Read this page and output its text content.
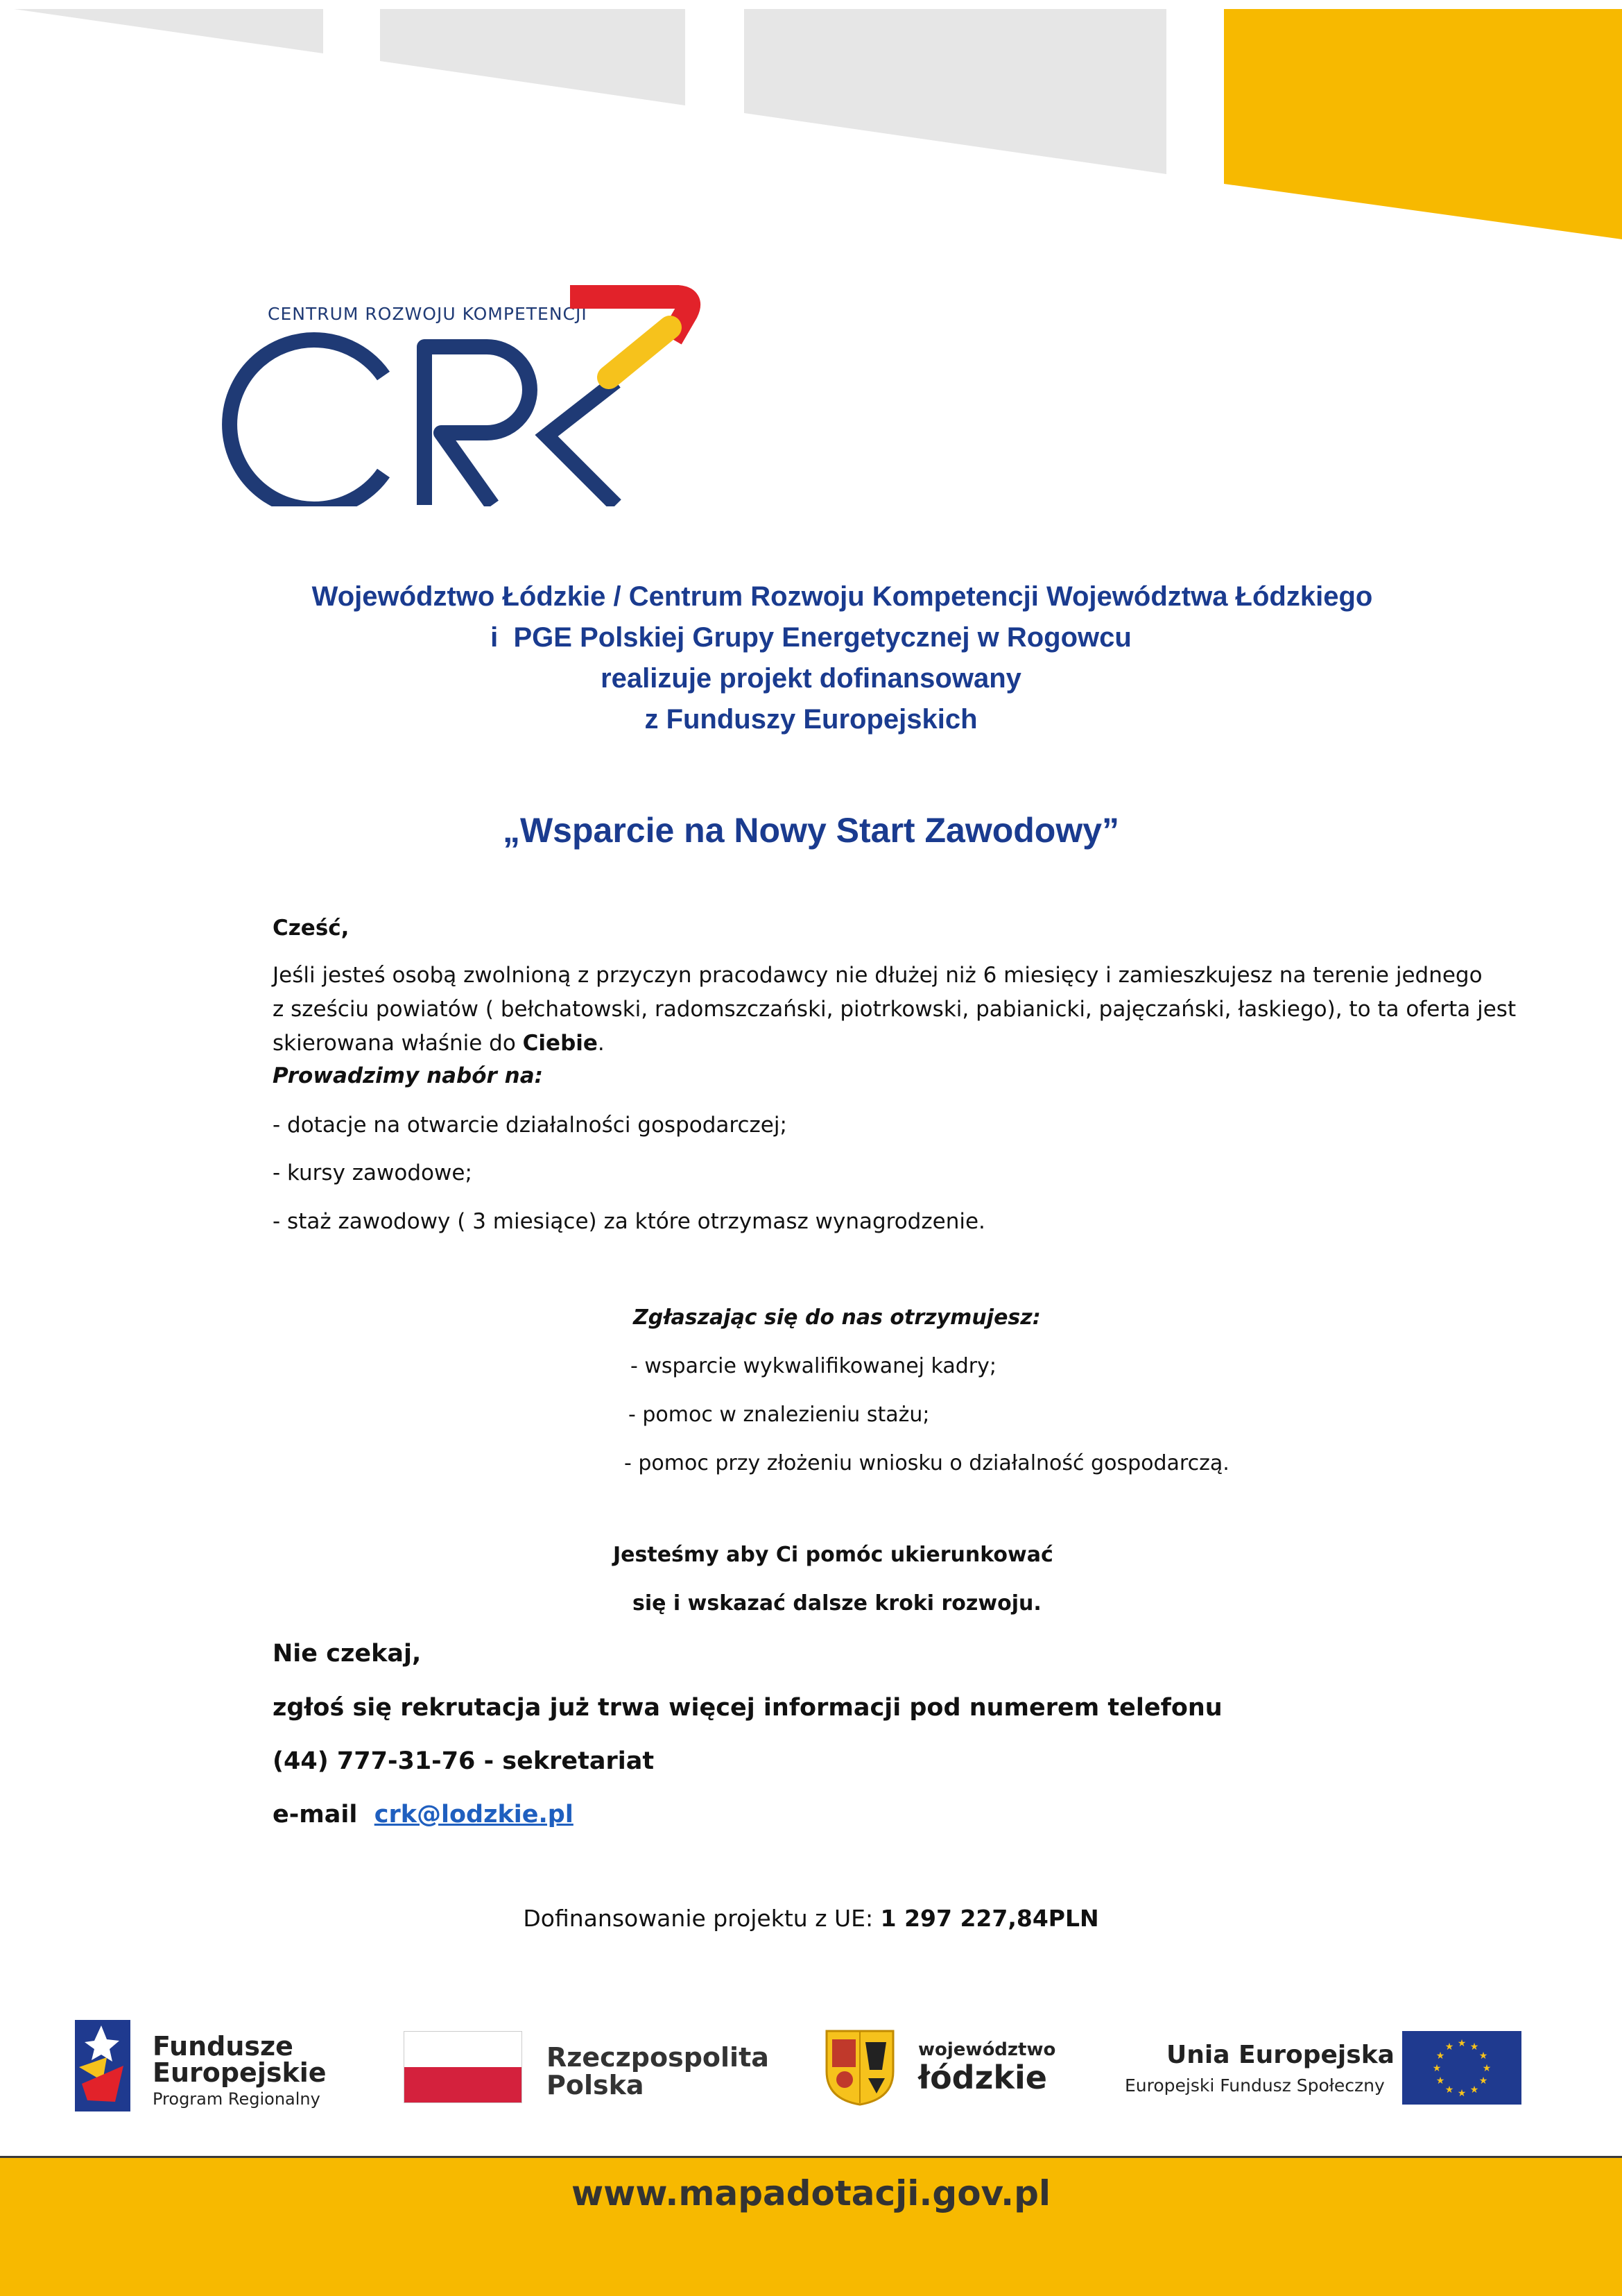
CENTRUM ROZWOJU KOMPETENCJI
Województwo Łódzkie / Centrum Rozwoju Kompetencji Województwa Łódzkiego
i  PGE Polskiej Grupy Energetycznej w Rogowcu
realizuje projekt dofinansowany
z Funduszy Europejskich
„Wsparcie na Nowy Start Zawodowy”
Cześć,
Jeśli jesteś osobą zwolnioną z przyczyn pracodawcy nie dłużej niż 6 miesięcy i zamieszkujesz na terenie jednego
z sześciu powiatów ( bełchatowski, radomszczański, piotrkowski, pabianicki, pajęczański, łaskiego), to ta oferta jest
skierowana właśnie do Ciebie.
Prowadzimy nabór na:
- dotacje na otwarcie działalności gospodarczej;
- kursy zawodowe;
- staż zawodowy ( 3 miesiące) za które otrzymasz wynagrodzenie.
Zgłaszając się do nas otrzymujesz:
- wsparcie wykwalifikowanej kadry;
- pomoc w znalezieniu stażu;
- pomoc przy złożeniu wniosku o działalność gospodarczą.
Jesteśmy aby Ci pomóc ukierunkować
się i wskazać dalsze kroki rozwoju.
Nie czekaj,
zgłoś się rekrutacja już trwa więcej informacji pod numerem telefonu
(44) 777-31-76 - sekretariat
e-mail  crk@lodzkie.pl
Dofinansowanie projektu z UE: 1 297 227,84PLN
Fundusze
Europejskie
Program Regionalny
Rzeczpospolita
Polska
województwo
łódzkie
Unia Europejska
Europejski Fundusz Społeczny
★ ★
★
★
★
★
★
★
★
★
★
★
www.mapadotacji.gov.pl
